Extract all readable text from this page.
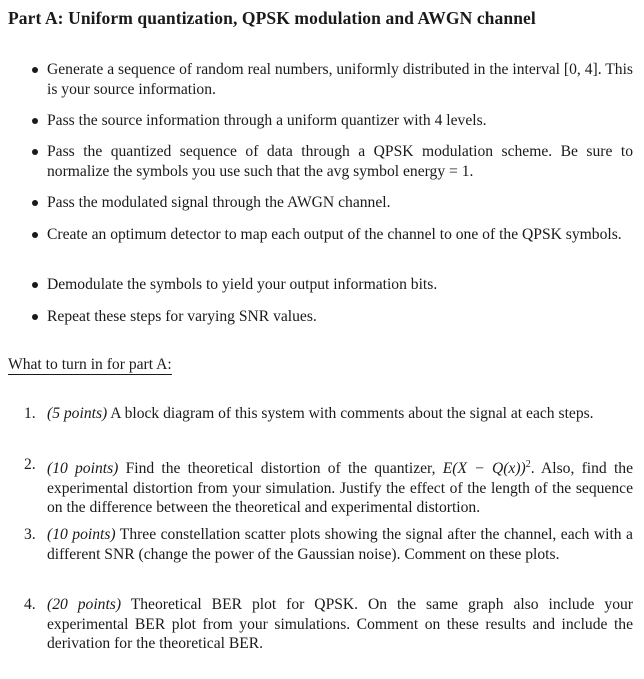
Part A: Uniform quantization, QPSK modulation and AWGN channel
Generate a sequence of random real numbers, uniformly distributed in the interval [0, 4]. This is your source information.
Pass the source information through a uniform quantizer with 4 levels.
Pass the quantized sequence of data through a QPSK modulation scheme. Be sure to normalize the symbols you use such that the avg symbol energy = 1.
Pass the modulated signal through the AWGN channel.
Create an optimum detector to map each output of the channel to one of the QPSK symbols.
Demodulate the symbols to yield your output information bits.
Repeat these steps for varying SNR values.
What to turn in for part A:
1. (5 points) A block diagram of this system with comments about the signal at each steps.
2. (10 points) Find the theoretical distortion of the quantizer, $E(X - Q(x))^2$. Also, find the experimental distortion from your simulation. Justify the effect of the length of the sequence on the difference between the theoretical and experimental distortion.
3. (10 points) Three constellation scatter plots showing the signal after the channel, each with a different SNR (change the power of the Gaussian noise). Comment on these plots.
4. (20 points) Theoretical BER plot for QPSK. On the same graph also include your experimental BER plot from your simulations. Comment on these results and include the derivation for the theoretical BER.
